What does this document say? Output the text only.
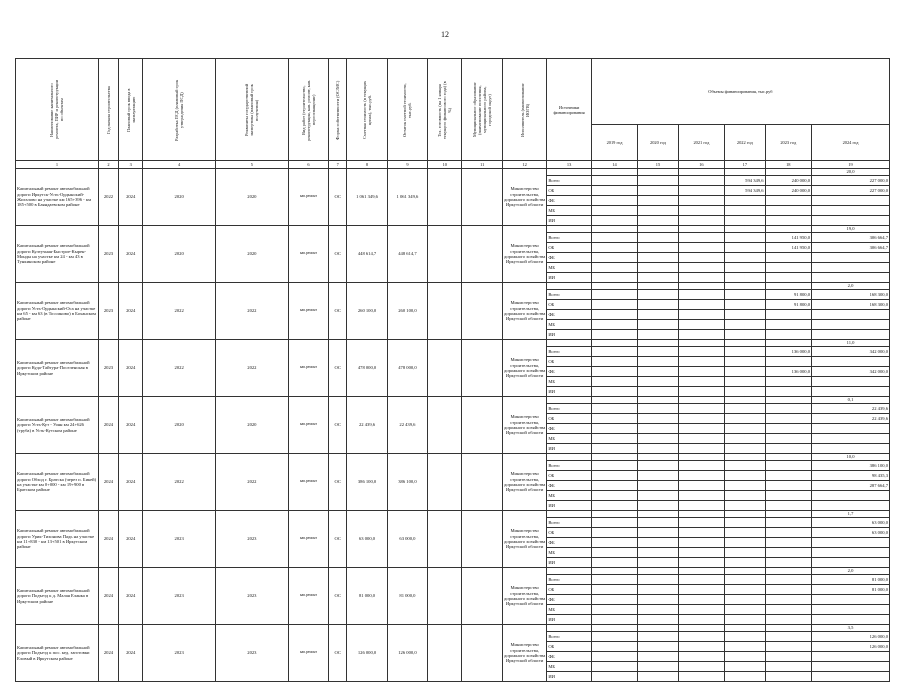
12
Наименование капитального ремонта, ПИР и реконструкции по объектам	Год начала строительства	Плановый срок ввода в эксплуатацию	Разработка ПСД (плановый срок утверждения ПСД)	Реквизиты государственной экспертизы (плановый срок получения)	Вид работ (строительство, реконструкция, кап. ремонт, кап. переоснащение)	Форма собственности (ОС/МС)	Сметная стоимость (в текущих ценах), тыс.руб.	Остаток сметной стоимости, тыс.руб.	Тех. готовность (на 1 января текущего финансового года) (в %)	Муниципальное образование (наименование поселения, муниципального района, городской округ)	Исполнитель (наименование ИОГВ)	Источники финансирования	Объемы финансирования, тыс.руб					
													2019 год	2020 год	2021 год	2022 год	2023 год	2024 год
1	2	3	4	5	6	7	8	9	10	11	12	13	14	15	16	17	18	19
Капитальный ремонт автомобильной дороги Иркутск-Усть-Ордынский-Жигалово на участке км 165+396 - км 185+500 в Баяндаевском районе	2022	2024	2020	2020	кап.ремонт	ОС	1 061 349,6	1 061 349,6			Министерство строительства, дорожного хозяйства Иркутской области							20,0
												Всего				594 349,6	240 000,0	227 000,0
												ОБ				594 349,6	240 000,0	227 000,0
												ФБ						
												МБ						
												ИИ						
Капитальный ремонт автомобильной дороги Култучная-Быстрое-Кырен-Монды на участке км 24 - км 43 в Тункинском районе	2023	2024	2020	2020	кап.ремонт	ОС	448 614,7	448 614,7			Министерство строительства, дорожного хозяйства Иркутской области							19,0
												Всего					141 950,0	306 664,7
												ОБ					141 950,0	306 664,7
												ФБ						
												МБ						
												ИИ						
Капитальный ремонт автомобильной дороги Усть-Ордынский-Оса на участке км 65 - км 63 (в Тоссиново) в Боханском районе	2023	2024	2022	2022	кап.ремонт	ОС	260 100,0	260 100,0			Министерство строительства, дорожного хозяйства Иркутской области							2,0
												Всего					91 800,0	168 300,0
												ОБ					91 800,0	168 300,0
												ФБ						
												МБ						
												ИИ						
Капитальный ремонт автомобильной дороги Куда-Тайтура-Поселенская в Иркутском районе	2023	2024	2022	2022	кап.ремонт	ОС	478 000,0	478 000,0			Министерство строительства, дорожного хозяйства Иркутской области							11,0
												Всего					136 000,0	342 000,0
												ОБ						
												ФБ					136 000,0	342 000,0
												МБ						
												ИИ						
Капитальный ремонт автомобильной дороги Усть-Кут - Уоян км 24+626 (труба) в Усть-Кутском районе	2024	2024	2020	2020	кап.ремонт	ОС	22 439,6	22 439,6			Министерство строительства, дорожного хозяйства Иркутской области							0,1
												Всего						22 439,6
												ОБ						22 439,6
												ФБ						
												МБ						
												ИИ						
Капитальный ремонт автомобильной дороги Обход г. Братска (через п. Бикей) на участке км 0+000 - км 19+900 в Братском районе	2024	2024	2022	2022	кап.ремонт	ОС	386 100,0	386 100,0			Министерство строительства, дорожного хозяйства Иркутской области							10,0
												Всего						386 100,0
												ОБ						98 435,3
												ФБ						287 664,7
												МБ						
												ИИ						
Капитальный ремонт автомобильной дороги Урик-Тихонова Падь на участке км 11+830 - км 13+501 в Иркутском районе	2024	2024	2023	2023	кап.ремонт	ОС	63 000,0	63 000,0			Министерство строительства, дорожного хозяйства Иркутской области							1,7
												Всего						63 000,0
												ОБ						63 000,0
												ФБ						
												МБ						
												ИИ						
Капитальный ремонт автомобильной дороги Подъезд к д. Малая Еланка в Иркутском районе	2024	2024	2023	2023	кап.ремонт	ОС	81 000,0	81 000,0			Министерство строительства, дорожного хозяйства Иркутской области							2,0
												Всего						81 000,0
												ОБ						81 000,0
												ФБ						
												МБ						
												ИИ						
Капитальный ремонт автомобильной дороги Подъезд к пос. кед. заготовки Еловый в Иркутском районе	2024	2024	2023	2023	кап.ремонт	ОС	126 000,0	126 000,0			Министерство строительства, дорожного хозяйства Иркутской области							3,5
												Всего						126 000,0
												ОБ						126 000,0
												ФБ						
												МБ						
												ИИ						
